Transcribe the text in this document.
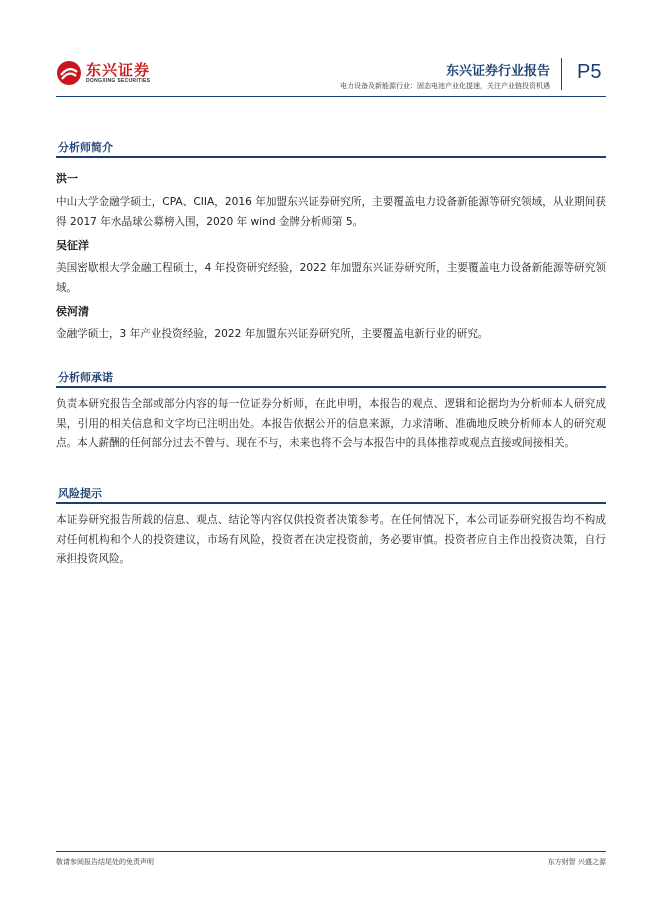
东兴证券
DONGXING SECURITIES
东兴证券行业报告
电力设备及新能源行业：固态电池产业化提速，关注产业链投资机遇
P5
分析师简介
洪一
中山大学金融学硕士，CPA、CIIA，2016 年加盟东兴证券研究所，主要覆盖电力设备新能源等研究领域，从业期间获得 2017 年水晶球公募榜入围，2020 年 wind 金牌分析师第 5。
吴征洋
美国密歇根大学金融工程硕士，4 年投资研究经验，2022 年加盟东兴证券研究所，主要覆盖电力设备新能源等研究领域。
侯河清
金融学硕士，3 年产业投资经验，2022 年加盟东兴证券研究所，主要覆盖电新行业的研究。
分析师承诺
负责本研究报告全部或部分内容的每一位证券分析师，在此申明，本报告的观点、逻辑和论据均为分析师本人研究成果，引用的相关信息和文字均已注明出处。本报告依据公开的信息来源，力求清晰、准确地反映分析师本人的研究观点。本人薪酬的任何部分过去不曾与、现在不与，未来也将不会与本报告中的具体推荐或观点直接或间接相关。
风险提示
本证券研究报告所载的信息、观点、结论等内容仅供投资者决策参考。在任何情况下，本公司证券研究报告均不构成对任何机构和个人的投资建议，市场有风险，投资者在决定投资前，务必要审慎。投资者应自主作出投资决策，自行承担投资风险。
敬请参阅报告结尾处的免责声明	东方财智 兴盛之源
